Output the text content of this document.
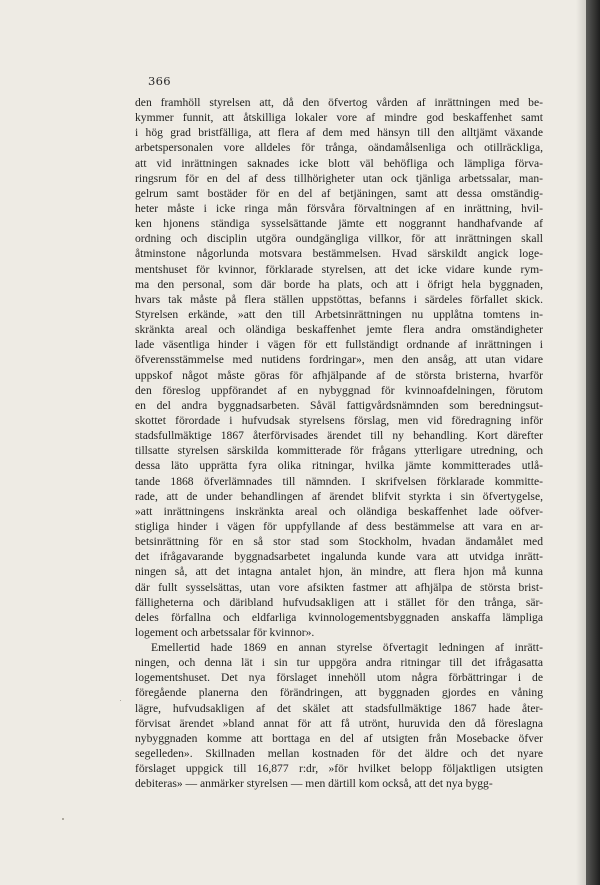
366
den framhöll styrelsen att, då den öfvertog vården af inrättningen med be-
kymmer funnit, att åtskilliga lokaler vore af mindre god beskaffenhet samt
i hög grad bristfälliga, att flera af dem med hänsyn till den alltjämt växande
arbetspersonalen vore alldeles för trånga, oändamålsenliga och otillräckliga,
att vid inrättningen saknades icke blott väl behöfliga och lämpliga förva-
ringsrum för en del af dess tillhörigheter utan ock tjänliga arbetssalar, man-
gelrum samt bostäder för en del af betjäningen, samt att dessa omständig-
heter måste i icke ringa mån försvåra förvaltningen af en inrättning, hvil-
ken hjonens ständiga sysselsättande jämte ett noggrannt handhafvande af
ordning och disciplin utgöra oundgängliga villkor, för att inrättningen skall
åtminstone någorlunda motsvara bestämmelsen. Hvad särskildt angick loge-
mentshuset för kvinnor, förklarade styrelsen, att det icke vidare kunde rym-
ma den personal, som där borde ha plats, och att i öfrigt hela byggnaden,
hvars tak måste på flera ställen uppstöttas, befanns i särdeles förfallet skick.
Styrelsen erkände, »att den till Arbetsinrättningen nu upplåtna tomtens in-
skränkta areal och oländiga beskaffenhet jemte flera andra omständigheter
lade väsentliga hinder i vägen för ett fullständigt ordnande af inrättningen i
öfverensstämmelse med nutidens fordringar», men den ansåg, att utan vidare
uppskof något måste göras för afhjälpande af de största bristerna, hvarför
den föreslog uppförandet af en nybyggnad för kvinnoafdelningen, förutom
en del andra byggnadsarbeten. Såväl fattigvårdsnämnden som beredningsut-
skottet förordade i hufvudsak styrelsens förslag, men vid föredragning inför
stadsfullmäktige 1867 återförvisades ärendet till ny behandling. Kort därefter
tillsatte styrelsen särskilda kommitterade för frågans ytterligare utredning, och
dessa läto upprätta fyra olika ritningar, hvilka jämte kommitterades utlå-
tande 1868 öfverlämnades till nämnden. I skrifvelsen förklarade kommitte-
rade, att de under behandlingen af ärendet blifvit styrkta i sin öfvertygelse,
»att inrättningens inskränkta areal och oländiga beskaffenhet lade oöfver-
stigliga hinder i vägen för uppfyllande af dess bestämmelse att vara en ar-
betsinrättning för en så stor stad som Stockholm, hvadan ändamålet med
det ifrågavarande byggnadsarbetet ingalunda kunde vara att utvidga inrätt-
ningen så, att det intagna antalet hjon, än mindre, att flera hjon må kunna
där fullt sysselsättas, utan vore afsikten fastmer att afhjälpa de största brist-
fälligheterna och däribland hufvudsakligen att i stället för den trånga, sär-
deles förfallna och eldfarliga kvinnologementsbyggnaden anskaffa lämpliga
logement och arbetssalar för kvinnor».
Emellertid hade 1869 en annan styrelse öfvertagit ledningen af inrätt-
ningen, och denna lät i sin tur uppgöra andra ritningar till det ifrågasatta
logementshuset. Det nya förslaget innehöll utom några förbättringar i de
föregående planerna den förändringen, att byggnaden gjordes en våning
lägre, hufvudsakligen af det skälet att stadsfullmäktige 1867 hade åter-
förvisat ärendet »bland annat för att få utrönt, huruvida den då föreslagna
nybyggnaden komme att borttaga en del af utsigten från Mosebacke öfver
segelleden». Skillnaden mellan kostnaden för det äldre och det nyare
förslaget uppgick till 16,877 r:dr, »för hvilket belopp följaktligen utsigten
debiteras» — anmärker styrelsen — men därtill kom också, att det nya bygg-
